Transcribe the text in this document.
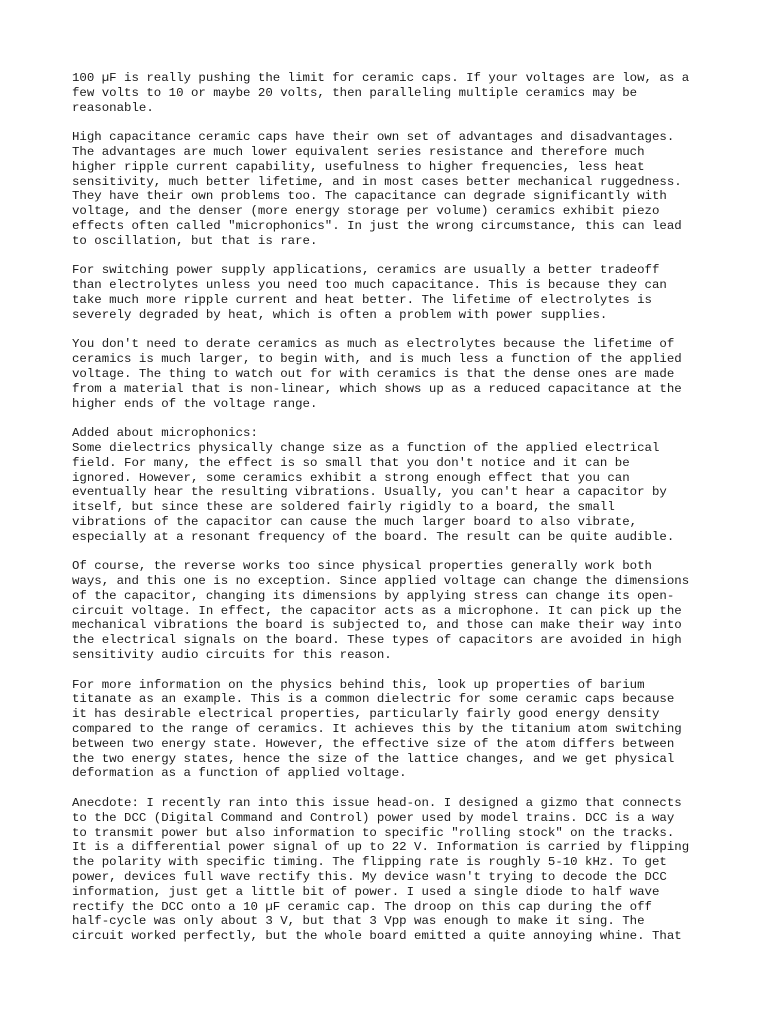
100 µF is really pushing the limit for ceramic caps. If your voltages are low, as a
few volts to 10 or maybe 20 volts, then paralleling multiple ceramics may be
reasonable.

High capacitance ceramic caps have their own set of advantages and disadvantages.
The advantages are much lower equivalent series resistance and therefore much
higher ripple current capability, usefulness to higher frequencies, less heat
sensitivity, much better lifetime, and in most cases better mechanical ruggedness.
They have their own problems too. The capacitance can degrade significantly with
voltage, and the denser (more energy storage per volume) ceramics exhibit piezo
effects often called "microphonics". In just the wrong circumstance, this can lead
to oscillation, but that is rare.

For switching power supply applications, ceramics are usually a better tradeoff
than electrolytes unless you need too much capacitance. This is because they can
take much more ripple current and heat better. The lifetime of electrolytes is
severely degraded by heat, which is often a problem with power supplies.

You don't need to derate ceramics as much as electrolytes because the lifetime of
ceramics is much larger, to begin with, and is much less a function of the applied
voltage. The thing to watch out for with ceramics is that the dense ones are made
from a material that is non-linear, which shows up as a reduced capacitance at the
higher ends of the voltage range.

Added about microphonics:
Some dielectrics physically change size as a function of the applied electrical
field. For many, the effect is so small that you don't notice and it can be
ignored. However, some ceramics exhibit a strong enough effect that you can
eventually hear the resulting vibrations. Usually, you can't hear a capacitor by
itself, but since these are soldered fairly rigidly to a board, the small
vibrations of the capacitor can cause the much larger board to also vibrate,
especially at a resonant frequency of the board. The result can be quite audible.

Of course, the reverse works too since physical properties generally work both
ways, and this one is no exception. Since applied voltage can change the dimensions
of the capacitor, changing its dimensions by applying stress can change its open-
circuit voltage. In effect, the capacitor acts as a microphone. It can pick up the
mechanical vibrations the board is subjected to, and those can make their way into
the electrical signals on the board. These types of capacitors are avoided in high
sensitivity audio circuits for this reason.

For more information on the physics behind this, look up properties of barium
titanate as an example. This is a common dielectric for some ceramic caps because
it has desirable electrical properties, particularly fairly good energy density
compared to the range of ceramics. It achieves this by the titanium atom switching
between two energy state. However, the effective size of the atom differs between
the two energy states, hence the size of the lattice changes, and we get physical
deformation as a function of applied voltage.

Anecdote: I recently ran into this issue head-on. I designed a gizmo that connects
to the DCC (Digital Command and Control) power used by model trains. DCC is a way
to transmit power but also information to specific "rolling stock" on the tracks.
It is a differential power signal of up to 22 V. Information is carried by flipping
the polarity with specific timing. The flipping rate is roughly 5-10 kHz. To get
power, devices full wave rectify this. My device wasn't trying to decode the DCC
information, just get a little bit of power. I used a single diode to half wave
rectify the DCC onto a 10 µF ceramic cap. The droop on this cap during the off
half-cycle was only about 3 V, but that 3 Vpp was enough to make it sing. The
circuit worked perfectly, but the whole board emitted a quite annoying whine. That
